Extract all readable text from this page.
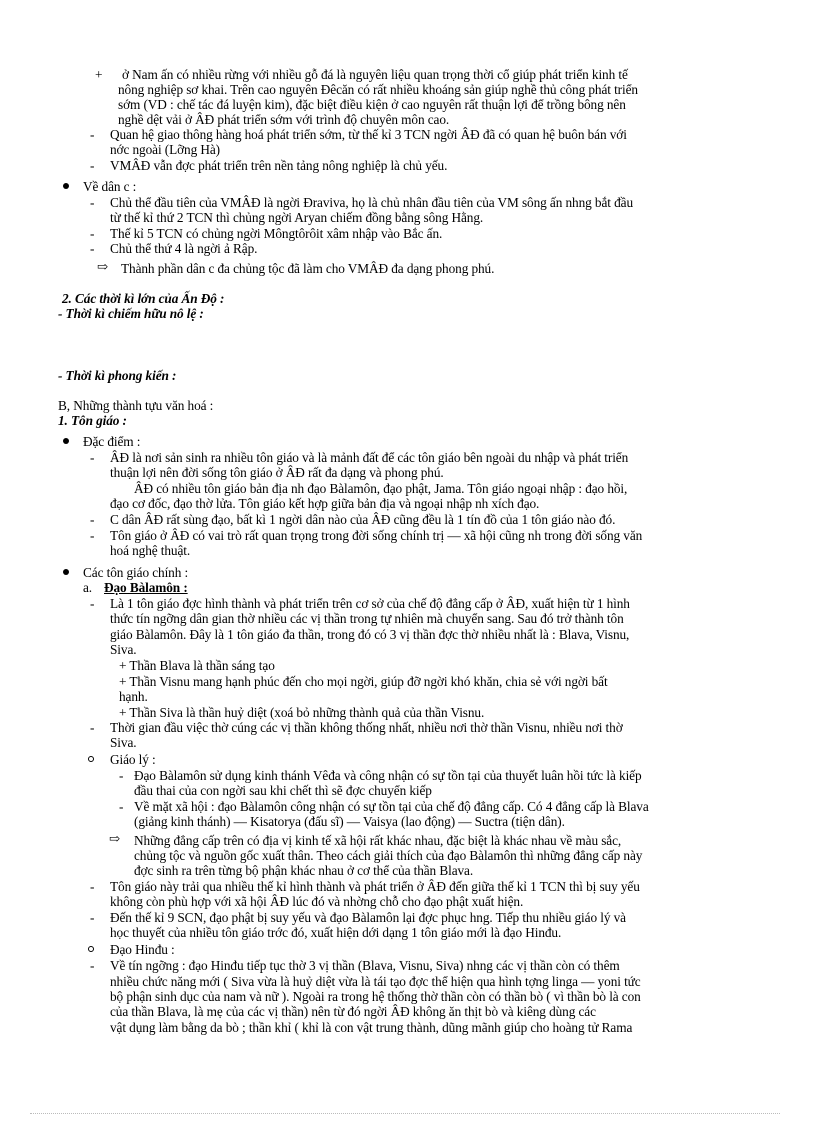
ở Nam ấn có nhiều rừng với nhiều gỗ đá là nguyên liệu quan trọng thời cổ giúp phát triển kinh tế
nông nghiệp sơ khai. Trên cao nguyên Đêcăn có rất nhiều khoáng sản giúp nghề thủ công phát triển
sớm (VD : chế tác đá luyện kim), đặc biệt điều kiện ở cao nguyên rất thuận lợi để trồng bông nên
nghề dệt vải ở ÂĐ phát triển sớm với trình độ chuyên môn cao.
Quan hệ giao thông hàng hoá phát triển sớm, từ thế kỉ 3 TCN ngời ÂĐ đã có quan hệ buôn bán với
nớc ngoài (Lỡng Hà)
VMÂĐ vẫn đợc phát triển trên nền tảng nông nghiệp là chủ yếu.
Về dân c :
Chủ thể đầu tiên của VMÂĐ là ngời Đraviva, họ là chủ nhân đầu tiên của VM sông ấn nhng bắt đầu
từ thế kỉ thứ 2 TCN thì chủng ngời Aryan chiếm đồng bằng sông Hằng.
Thế kỉ 5 TCN có chủng ngời Môngtôrôit xâm nhập vào Bắc ấn.
Chủ thể thứ 4 là ngời ả Rập.
Thành phần dân c đa chủng tộc đã làm cho VMÂĐ đa dạng phong phú.
2. Các thời kì lớn của Ấn Độ :
- Thời kì chiếm hữu nô lệ :
- Thời kì phong kiến :
B, Những thành tựu văn hoá :
1. Tôn giáo :
Đặc điểm :
ÂĐ là nơi sản sinh ra nhiều tôn giáo và là mảnh đất để các tôn giáo bên ngoài du nhập và phát triển
thuận lợi nên đời sống tôn giáo ở ÂĐ rất đa dạng và phong phú.
ÂĐ có nhiều tôn giáo bản địa nh đạo Bàlamôn, đạo phật, Jama. Tôn giáo ngoại nhập : đạo hồi,
đạo cơ đốc, đạo thờ lửa. Tôn giáo kết hợp giữa bản địa và ngoại nhập nh xích đạo.
C dân ÂĐ rất sùng đạo, bất kì 1 ngời dân nào của ÂĐ cũng đều là 1 tín đồ của 1 tôn giáo nào đó.
Tôn giáo ở ÂĐ có vai trò rất quan trọng trong đời sống chính trị — xã hội cũng nh trong đời sống văn
hoá nghệ thuật.
Các tôn giáo chính :
a. Đạo Bàlamôn :
Là 1 tôn giáo đợc hình thành và phát triển trên cơ sở của chế độ đẳng cấp ở ÂĐ, xuất hiện từ 1 hình
thức tín ngỡng dân gian thờ nhiều các vị thần trong tự nhiên mà chuyển sang. Sau đó trở thành tôn
giáo Bàlamôn. Đây là 1 tôn giáo đa thần, trong đó có 3 vị thần đợc thờ nhiều nhất là : Blava, Visnu,
Siva.
+ Thần Blava là thần sáng tạo
+ Thần Visnu mang hạnh phúc đến cho mọi ngời, giúp đỡ ngời khó khăn, chia sẻ với ngời bất
hạnh.
+ Thần Siva là thần huỷ diệt (xoá bỏ những thành quả của thần Visnu.
Thời gian đầu việc thờ cúng các vị thần không thống nhất, nhiều nơi thờ thần Visnu, nhiều nơi thờ
Siva.
Giáo lý :
Đạo Bàlamôn sử dụng kinh thánh Vêđa và công nhận có sự tồn tại của thuyết luân hồi tức là kiếp
đầu thai của con ngời sau khi chết thì sẽ đợc chuyển kiếp
Về mặt xã hội : đạo Bàlamôn công nhận có sự tồn tại của chế độ đẳng cấp. Có 4 đẳng cấp là Blava
(giảng kinh thánh) — Kisatorya (đấu sĩ) — Vaisya (lao động) — Suctra (tiện dân).
Những đẳng cấp trên có địa vị kinh tế xã hội rất khác nhau, đặc biệt là khác nhau về màu sắc,
chủng tộc và nguồn gốc xuất thân. Theo cách giải thích của đạo Bàlamôn thì những đẳng cấp này
đợc sinh ra trên từng bộ phận khác nhau ở cơ thể của thần Blava.
Tôn giáo này trải qua nhiều thế kỉ hình thành và phát triển ở ÂĐ đến giữa thế kỉ 1 TCN thì bị suy yếu
không còn phù hợp với xã hội ÂĐ lúc đó và nhờng chỗ cho đạo phật xuất hiện.
Đến thế kỉ 9 SCN, đạo phật bị suy yếu và đạo Bàlamôn lại đợc phục hng. Tiếp thu nhiều giáo lý và
học thuyết của nhiều tôn giáo trớc đó, xuất hiện dới dạng 1 tôn giáo mới là đạo Hinđu.
Đạo Hinđu :
Về tín ngỡng : đạo Hinđu tiếp tục thờ 3 vị thần (Blava, Visnu, Siva) nhng các vị thần còn có thêm
nhiều chức năng mới ( Siva vừa là huỷ diệt vừa là tái tạo đợc thể hiện qua hình tợng linga — yoni tức
bộ phận sinh dục của nam và nữ ). Ngoài ra trong hệ thống thờ thần còn có thần bò ( vì thần bò là con
của thần Blava, là mẹ của các vị thần) nên từ đó ngời ÂĐ không ăn thịt bò và kiêng dùng các
vật dụng làm bằng da bò ; thần khỉ ( khỉ là con vật trung thành, dũng mãnh giúp cho hoàng tử Rama
+
-
-
-
-
-
⇨
-
-
-
-
-
-
-
⇨
-
-
-
